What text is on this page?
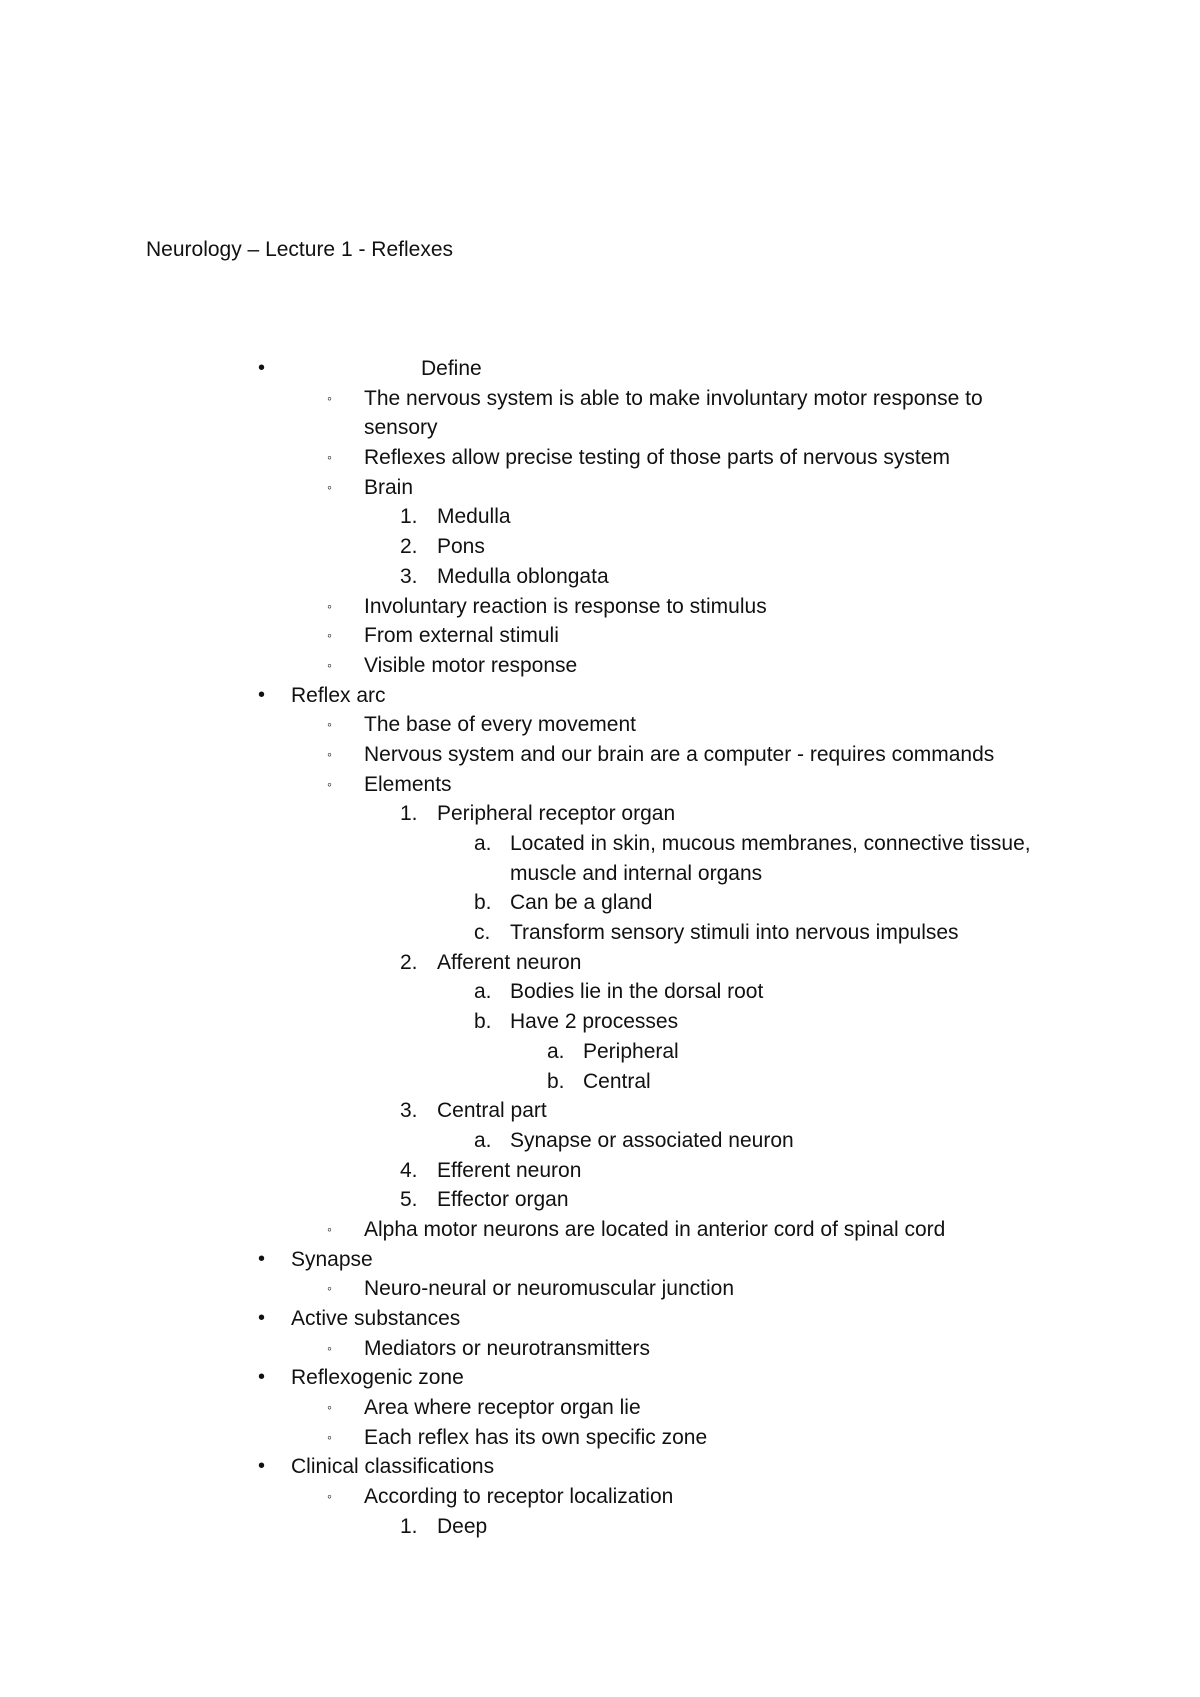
Neurology – Lecture 1 - Reflexes
•	Define
◦ The nervous system is able to make involuntary motor response to
sensory
◦ Reflexes allow precise testing of those parts of nervous system
◦ Brain
1. Medulla
2. Pons
3. Medulla oblongata
◦ Involuntary reaction is response to stimulus
◦ From external stimuli
◦ Visible motor response
• Reflex arc
◦ The base of every movement
◦ Nervous system and our brain are a computer - requires commands
◦ Elements
1. Peripheral receptor organ
a. Located in skin, mucous membranes, connective tissue,
muscle and internal organs
b. Can be a gland
c. Transform sensory stimuli into nervous impulses
2. Afferent neuron
a. Bodies lie in the dorsal root
b. Have 2 processes
a. Peripheral
b. Central
3. Central part
a. Synapse or associated neuron
4. Efferent neuron
5. Effector organ
◦ Alpha motor neurons are located in anterior cord of spinal cord
• Synapse
◦ Neuro-neural or neuromuscular junction
• Active substances
◦ Mediators or neurotransmitters
• Reflexogenic zone
◦ Area where receptor organ lie
◦ Each reflex has its own specific zone
• Clinical classifications
◦ According to receptor localization
1. Deep
